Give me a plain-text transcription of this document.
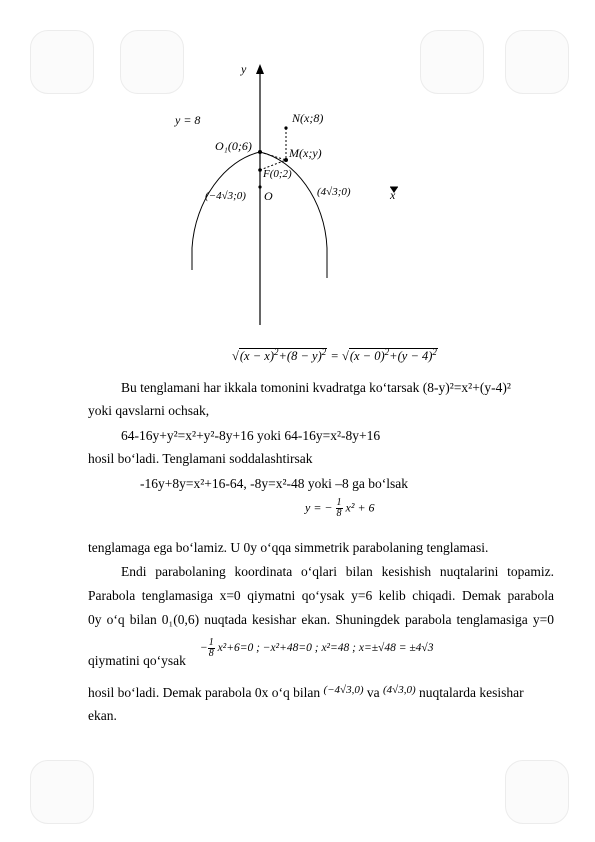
y
x
y = 8	N(x;8)
O₁(0;6)	M(x;y)
F(0;2)
O
(−4√3;0)	(4√3;0)
$√(x - x)^2+(8 - y)^2 = √(x - 0)^2+(y - 4)^2$
Bu tenglamani har ikkala tomonini kvadratga ko‘tarsak (8-y)²=x²+(y-4)²
yoki qavslarni ochsak,
64-16y+y²=x²+y²-8y+16 yoki 64-16y=x²-8y+16
hosil bo‘ladi. Tenglamani soddalashtirsak
-16y+8y=x²+16-64, -8y=x²-48 yoki –8 ga bo‘lsak
y = − $\frac{1}{8} x^2 + 6$
tenglamaga ega bo‘lamiz. U 0y o‘qqa simmetrik parabolaning tenglamasi.
Endi parabolaning koordinata o‘qlari bilan kesishish nuqtalarini topamiz.
Parabola tenglamasiga x=0 qiymatni qo‘ysak y=6 kelib chiqadi. Demak parabola
0y o‘q bilan 0₁(0,6) nuqtada kesishar ekan. Shuningdek parabola tenglamasiga y=0
qiymatini qo‘ysak
− $\frac{1}{8} x^2+6=0$ ; −x²+48=0 ; x²=48 ; x=±√48 = ±4√3
hosil bo‘ladi. Demak parabola 0x o‘q bilan $^{(-4√3,0)}$ va $^{(4√3,0)}$ nuqtalarda kesishar
ekan.
